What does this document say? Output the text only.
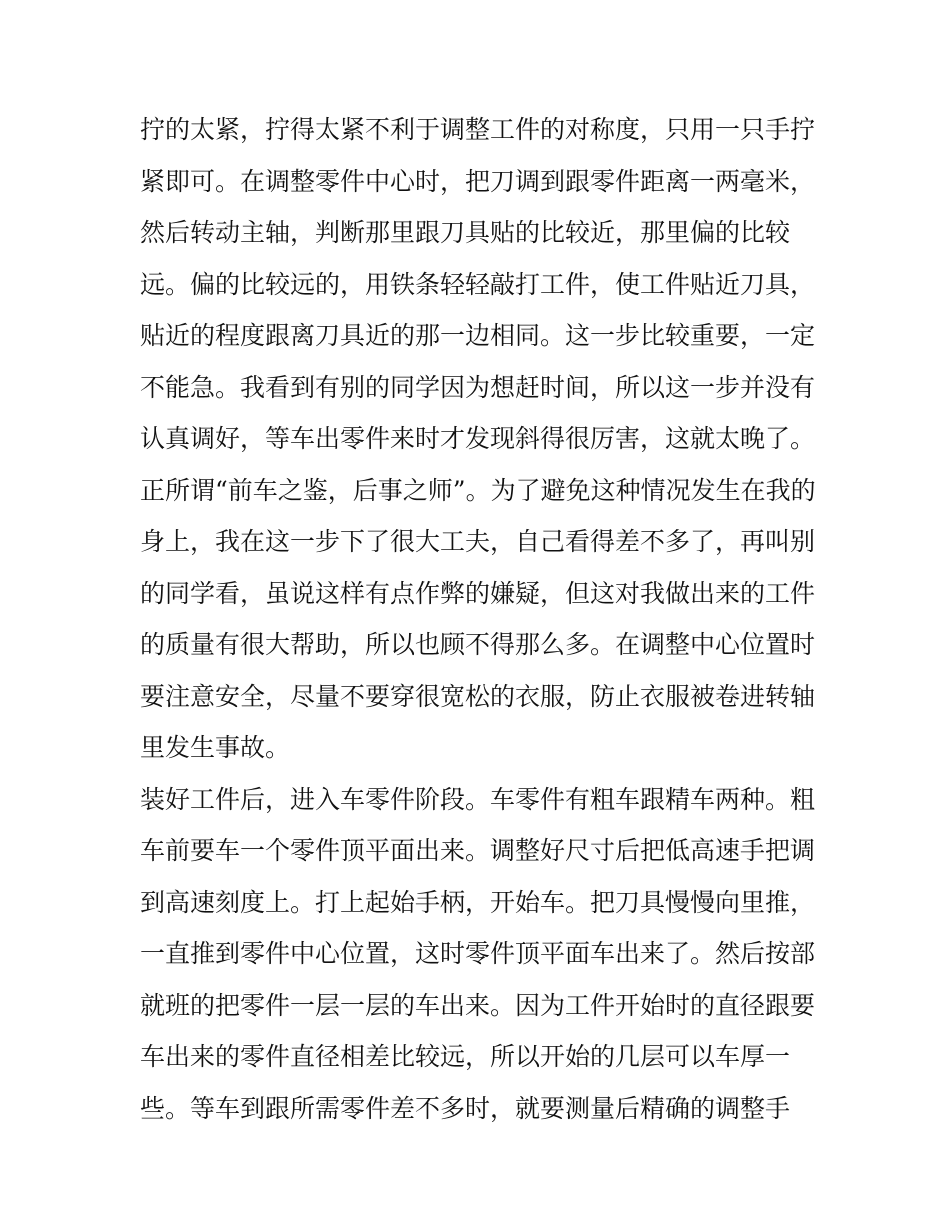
拧的太紧，拧得太紧不利于调整工件的对称度，只用一只手拧
紧即可。在调整零件中心时，把刀调到跟零件距离一两毫米，
然后转动主轴，判断那里跟刀具贴的比较近，那里偏的比较
远。偏的比较远的，用铁条轻轻敲打工件，使工件贴近刀具，
贴近的程度跟离刀具近的那一边相同。这一步比较重要，一定
不能急。我看到有别的同学因为想赶时间，所以这一步并没有
认真调好，等车出零件来时才发现斜得很厉害，这就太晚了。
正所谓“前车之鉴，后事之师”。为了避免这种情况发生在我的
身上，我在这一步下了很大工夫，自己看得差不多了，再叫别
的同学看，虽说这样有点作弊的嫌疑，但这对我做出来的工件
的质量有很大帮助，所以也顾不得那么多。在调整中心位置时
要注意安全，尽量不要穿很宽松的衣服，防止衣服被卷进转轴
里发生事故。
装好工件后，进入车零件阶段。车零件有粗车跟精车两种。粗
车前要车一个零件顶平面出来。调整好尺寸后把低高速手把调
到高速刻度上。打上起始手柄，开始车。把刀具慢慢向里推，
一直推到零件中心位置，这时零件顶平面车出来了。然后按部
就班的把零件一层一层的车出来。因为工件开始时的直径跟要
车出来的零件直径相差比较远，所以开始的几层可以车厚一
些。等车到跟所需零件差不多时，就要测量后精确的调整手
